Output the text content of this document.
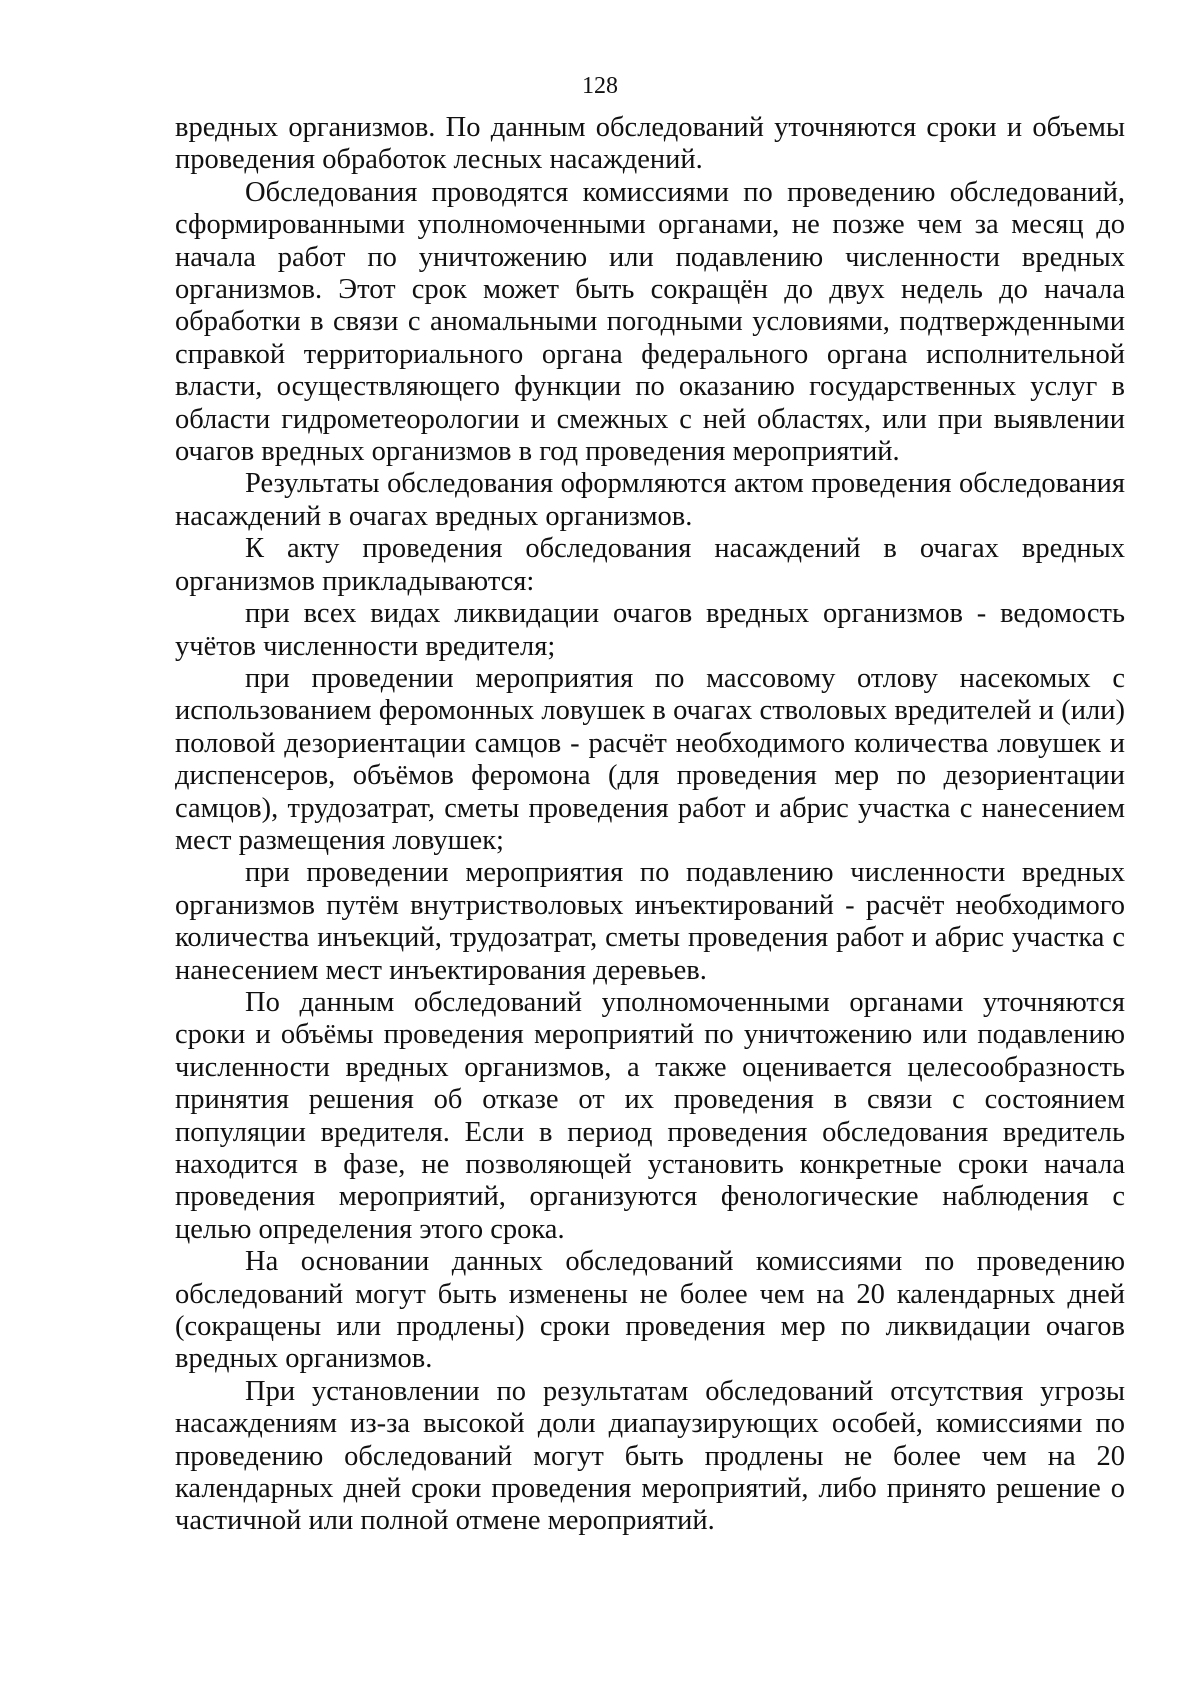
128

вредных организмов. По данным обследований уточняются сроки и объемы проведения обработок лесных насаждений.

Обследования проводятся комиссиями по проведению обследований, сформированными уполномоченными органами, не позже чем за месяц до начала работ по уничтожению или подавлению численности вредных организмов. Этот срок может быть сокращён до двух недель до начала обработки в связи с аномальными погодными условиями, подтвержденными справкой территориального органа федерального органа исполнительной власти, осуществляющего функции по оказанию государственных услуг в области гидрометеорологии и смежных с ней областях, или при выявлении очагов вредных организмов в год проведения мероприятий.

Результаты обследования оформляются актом проведения обследования насаждений в очагах вредных организмов.

К акту проведения обследования насаждений в очагах вредных организмов прикладываются:

при всех видах ликвидации очагов вредных организмов - ведомость учётов численности вредителя;

при проведении мероприятия по массовому отлову насекомых с использованием феромонных ловушек в очагах стволовых вредителей и (или) половой дезориентации самцов - расчёт необходимого количества ловушек и диспенсеров, объёмов феромона (для проведения мер по дезориентации самцов), трудозатрат, сметы проведения работ и абрис участка с нанесением мест размещения ловушек;

при проведении мероприятия по подавлению численности вредных организмов путём внутриствoловых инъектирований - расчёт необходимого количества инъекций, трудозатрат, сметы проведения работ и абрис участка с нанесением мест инъектирования деревьев.

По данным обследований уполномоченными органами уточняются сроки и объёмы проведения мероприятий по уничтожению или подавлению численности вредных организмов, а также оценивается целесообразность принятия решения об отказе от их проведения в связи с состоянием популяции вредителя. Если в период проведения обследования вредитель находится в фазе, не позволяющей установить конкретные сроки начала проведения мероприятий, организуются фенологические наблюдения с целью определения этого срока.

На основании данных обследований комиссиями по проведению обследований могут быть изменены не более чем на 20 календарных дней (сокращены или продлены) сроки проведения мер по ликвидации очагов вредных организмов.

При установлении по результатам обследований отсутствия угрозы насаждениям из-за высокой доли диапаузирующих особей, комиссиями по проведению обследований могут быть продлены не более чем на 20 календарных дней сроки проведения мероприятий, либо принято решение о частичной или полной отмене мероприятий.
